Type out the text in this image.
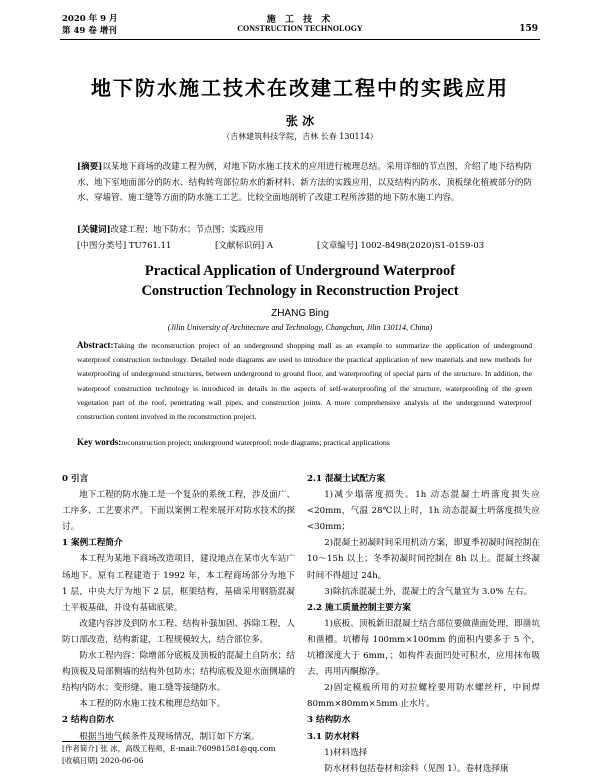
2020 年 9 月
第 49 卷 增刊
施 工 技 术
CONSTRUCTION TECHNOLOGY	159
地下防水施工技术在改建工程中的实践应用
张 冰
（吉林建筑科技学院，吉林 长春 130114）
[摘要]以某地下商场的改建工程为例，对地下防水施工技术的应用进行梳理总结。采用详细的节点图，介绍了地下结构防水、地下室地面部分的防水、结构转弯部位防水的新材料、新方法的实践应用，以及结构内防水、顶板绿化植被部分的防水、穿墙管、施工缝等方面的防水施工工艺。比较全面地剖析了改建工程所涉猎的地下防水施工内容。
[关键词]改建工程；地下防水；节点图；实践应用
[中图分类号] TU761.11	[文献标识码] A	[文章编号] 1002-8498(2020)S1-0159-03
Practical Application of Underground Waterproof
Construction Technology in Reconstruction Project
ZHANG Bing
(Jilin University of Architecture and Technology, Changchun, Jilin 130114, China)
Abstract:Taking the reconstruction project of an underground shopping mall as an example to summarize the application of underground waterproof construction technology. Detailed node diagrams are used to introduce the practical application of new materials and new methods for waterproofing of underground structures, between underground to ground floor, and waterproofing of special parts of the structure. In addition, the waterproof construction technology is introduced in details in the aspects of self-waterproofing of the structure, waterproofing of the green vegetation part of the roof, penetrating wall pipes, and construction joints. A more comprehensive analysis of the underground waterproof construction content involved in the reconstruction project.
Key words:reconstruction project; underground waterproof; node diagrams; practical applications

0 引言

地下工程的防水施工是一个复杂的系统工程，涉及面广、工序多、工艺要求严。下面以案例工程来展开对防水技术的探讨。

1 案例工程简介

本工程为某地下商场改造项目，建设地点在某市火车站广场地下。原有工程建造于 1992 年，本工程商场部分为地下 1 层，中央大厅为地下 2 层，框架结构，基础采用钢筋混凝土平板基础，并设有基础底梁。

改建内容涉及到防水工程、结构补强加固、拆除工程，人防口部改造，结构新建，工程规模较大，结合部位多。

防水工程内容：除增部分底板及顶板的混凝土自防水；结构顶板及局部侧墙的结构外包防水；结构底板及迎水面侧墙的结构内防水；变形缝、施工缝等接缝防水。

本工程的防水施工技术梳理总结如下。

2 结构自防水

根据当地气候条件及现场情况，制订如下方案。

2.1 混凝土试配方案

1)减少塌落度损失。1h 动态混凝土坍落度损失应<20mm，气温 28℃以上时，1h 动态混凝土坍落度损失应<30mm；

2)混凝土初凝时间采用机动方案，即夏季初凝时间控制在 10～15h 以上；冬季初凝时间控制在 8h 以上。混凝土终凝时间不得超过 24h。

3)除抗冻混凝土外，混凝土的含气量宜为 3.0% 左右。

2.2 施工质量控制主要方案

1)底板、顶板新旧混凝土结合部位要做凿面处理，即凿坑和凿槽。坑槽每 100mm×100mm 的面积内要多于 5 个，坑槽深度大于 6mm，；如构件表面凹处可积水，应用抹布吸去，再用丙酮擦净。

2)固定模板所用的对拉螺栓要用防水螺丝杆，中间焊 80mm×80mm×5mm 止水片。

3 结构防水

3.1 防水材料

1)材料选择

防水材料包括卷材和涂料（见图 1）。卷材选择康

[作者简介] 张 冰，高级工程师，E-mail:760981581@qq.com
[收稿日期] 2020-06-06
